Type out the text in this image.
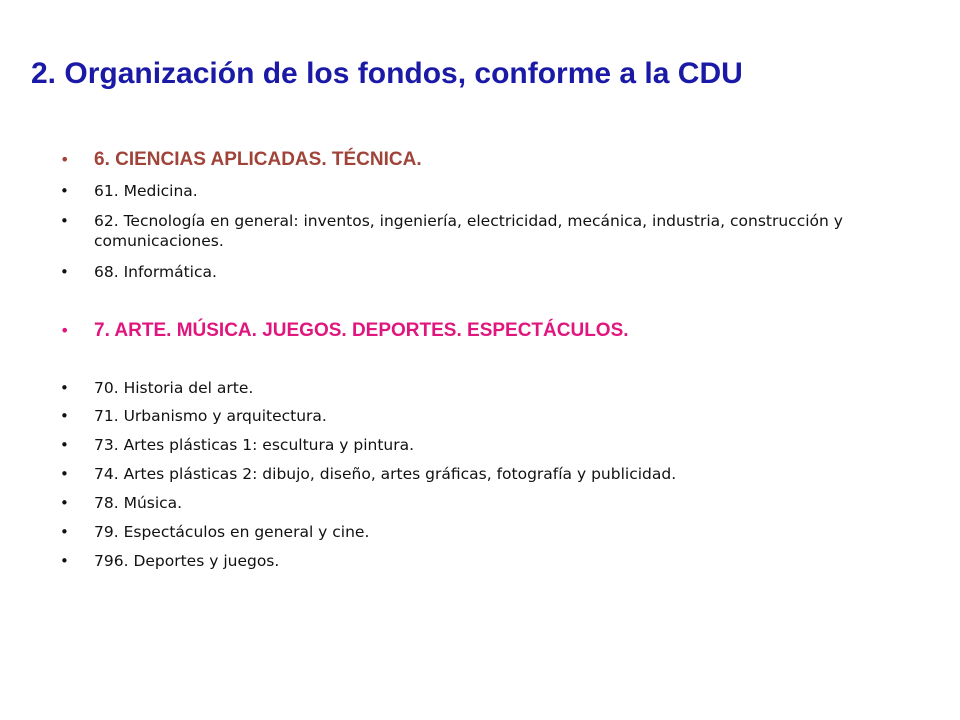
2. Organización de los fondos, conforme a la CDU
• 6. CIENCIAS APLICADAS. TÉCNICA.
• 61. Medicina.
• 62. Tecnología en general: inventos, ingeniería, electricidad, mecánica, industria, construcción y comunicaciones.
• 68. Informática.
• 7. ARTE. MÚSICA. JUEGOS. DEPORTES. ESPECTÁCULOS.
• 70. Historia del arte.
• 71. Urbanismo y arquitectura.
• 73. Artes plásticas 1: escultura y pintura.
• 74. Artes plásticas 2: dibujo, diseño, artes gráficas, fotografía y publicidad.
• 78. Música.
• 79. Espectáculos en general y cine.
• 796. Deportes y juegos.
